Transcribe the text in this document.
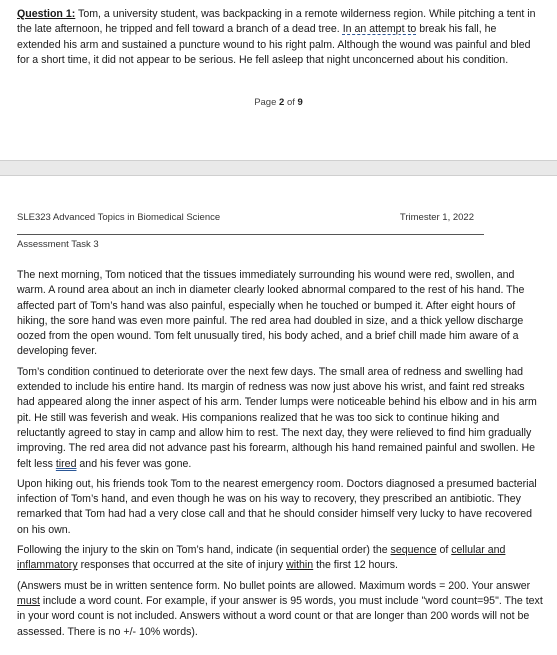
Question 1: Tom, a university student, was backpacking in a remote wilderness region. While pitching a tent in the late afternoon, he tripped and fell toward a branch of a dead tree. In an attempt to break his fall, he extended his arm and sustained a puncture wound to his right palm. Although the wound was painful and bled for a short time, it did not appear to be serious. He fell asleep that night unconcerned about his condition.
Page 2 of 9
SLE323 Advanced Topics in Biomedical Science	Trimester 1, 2022
Assessment Task 3

The next morning, Tom noticed that the tissues immediately surrounding his wound were red, swollen, and warm. A round area about an inch in diameter clearly looked abnormal compared to the rest of his hand. The affected part of Tom’s hand was also painful, especially when he touched or bumped it. After eight hours of hiking, the sore hand was even more painful. The red area had doubled in size, and a thick yellow discharge oozed from the open wound. Tom felt unusually tired, his body ached, and a brief chill made him aware of a developing fever.

Tom’s condition continued to deteriorate over the next few days. The small area of redness and swelling had extended to include his entire hand. Its margin of redness was now just above his wrist, and faint red streaks had appeared along the inner aspect of his arm. Tender lumps were noticeable behind his elbow and in his arm pit. He still was feverish and weak. His companions realized that he was too sick to continue hiking and reluctantly agreed to stay in camp and allow him to rest. The next day, they were relieved to find him gradually improving. The red area did not advance past his forearm, although his hand remained painful and swollen. He felt less tired and his fever was gone.

Upon hiking out, his friends took Tom to the nearest emergency room. Doctors diagnosed a presumed bacterial infection of Tom’s hand, and even though he was on his way to recovery, they prescribed an antibiotic. They remarked that Tom had had a very close call and that he should consider himself very lucky to have recovered on his own.

Following the injury to the skin on Tom’s hand, indicate (in sequential order) the sequence of cellular and inflammatory responses that occurred at the site of injury within the first 12 hours.

(Answers must be in written sentence form. No bullet points are allowed. Maximum words = 200. Your answer must include a word count. For example, if your answer is 95 words, you must include "word count=95". The text in your word count is not included. Answers without a word count or that are longer than 200 words will not be assessed. There is no +/- 10% words).
